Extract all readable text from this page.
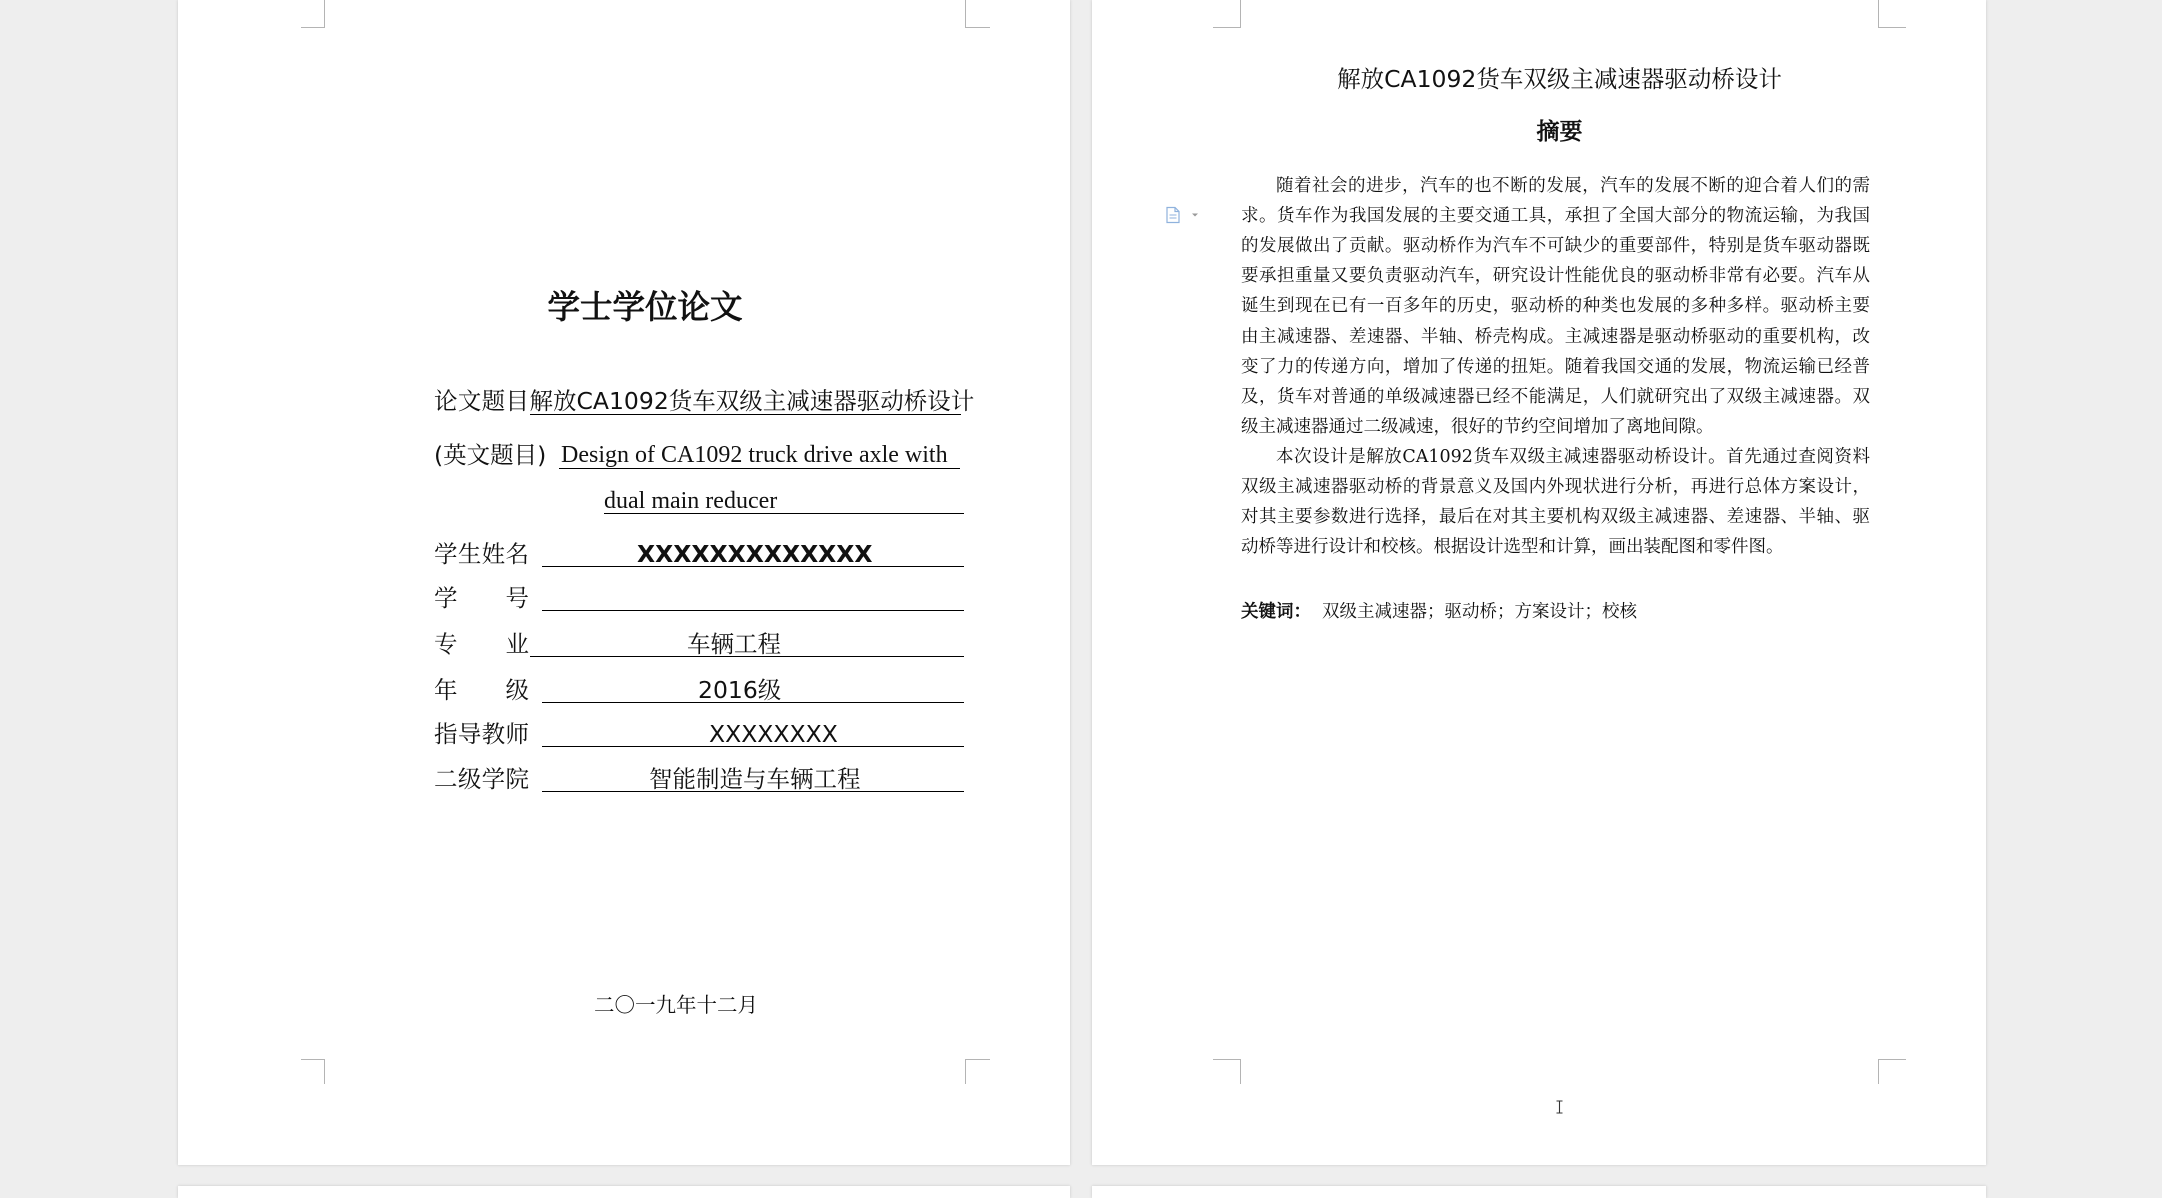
学士学位论文
论文题目 解放CA1092货车双级主减速器驱动桥设计
(英文题目) Design of CA1092 truck drive axle with
dual main reducer
学生姓名	XXXXXXXXXXXXX
学　　号
专　　业	车辆工程
年　　级	2016级
指导教师	XXXXXXXX
二级学院	智能制造与车辆工程
二〇一九年十二月
解放CA1092货车双级主减速器驱动桥设计
摘要
随着社会的进步，汽车的也不断的发展，汽车的发展不断的迎合着人们的需
求。货车作为我国发展的主要交通工具，承担了全国大部分的物流运输，为我国
的发展做出了贡献。驱动桥作为汽车不可缺少的重要部件，特别是货车驱动器既
要承担重量又要负责驱动汽车，研究设计性能优良的驱动桥非常有必要。汽车从
诞生到现在已有一百多年的历史，驱动桥的种类也发展的多种多样。驱动桥主要
由主减速器、差速器、半轴、桥壳构成。主减速器是驱动桥驱动的重要机构，改
变了力的传递方向，增加了传递的扭矩。随着我国交通的发展，物流运输已经普
及，货车对普通的单级减速器已经不能满足，人们就研究出了双级主减速器。双
级主减速器通过二级减速，很好的节约空间增加了离地间隙。
本次设计是解放CA1092货车双级主减速器驱动桥设计。首先通过查阅资料
双级主减速器驱动桥的背景意义及国内外现状进行分析，再进行总体方案设计，
对其主要参数进行选择，最后在对其主要机构双级主减速器、差速器、半轴、驱
动桥等进行设计和校核。根据设计选型和计算，画出装配图和零件图。
关键词： 双级主减速器；驱动桥；方案设计；校核
